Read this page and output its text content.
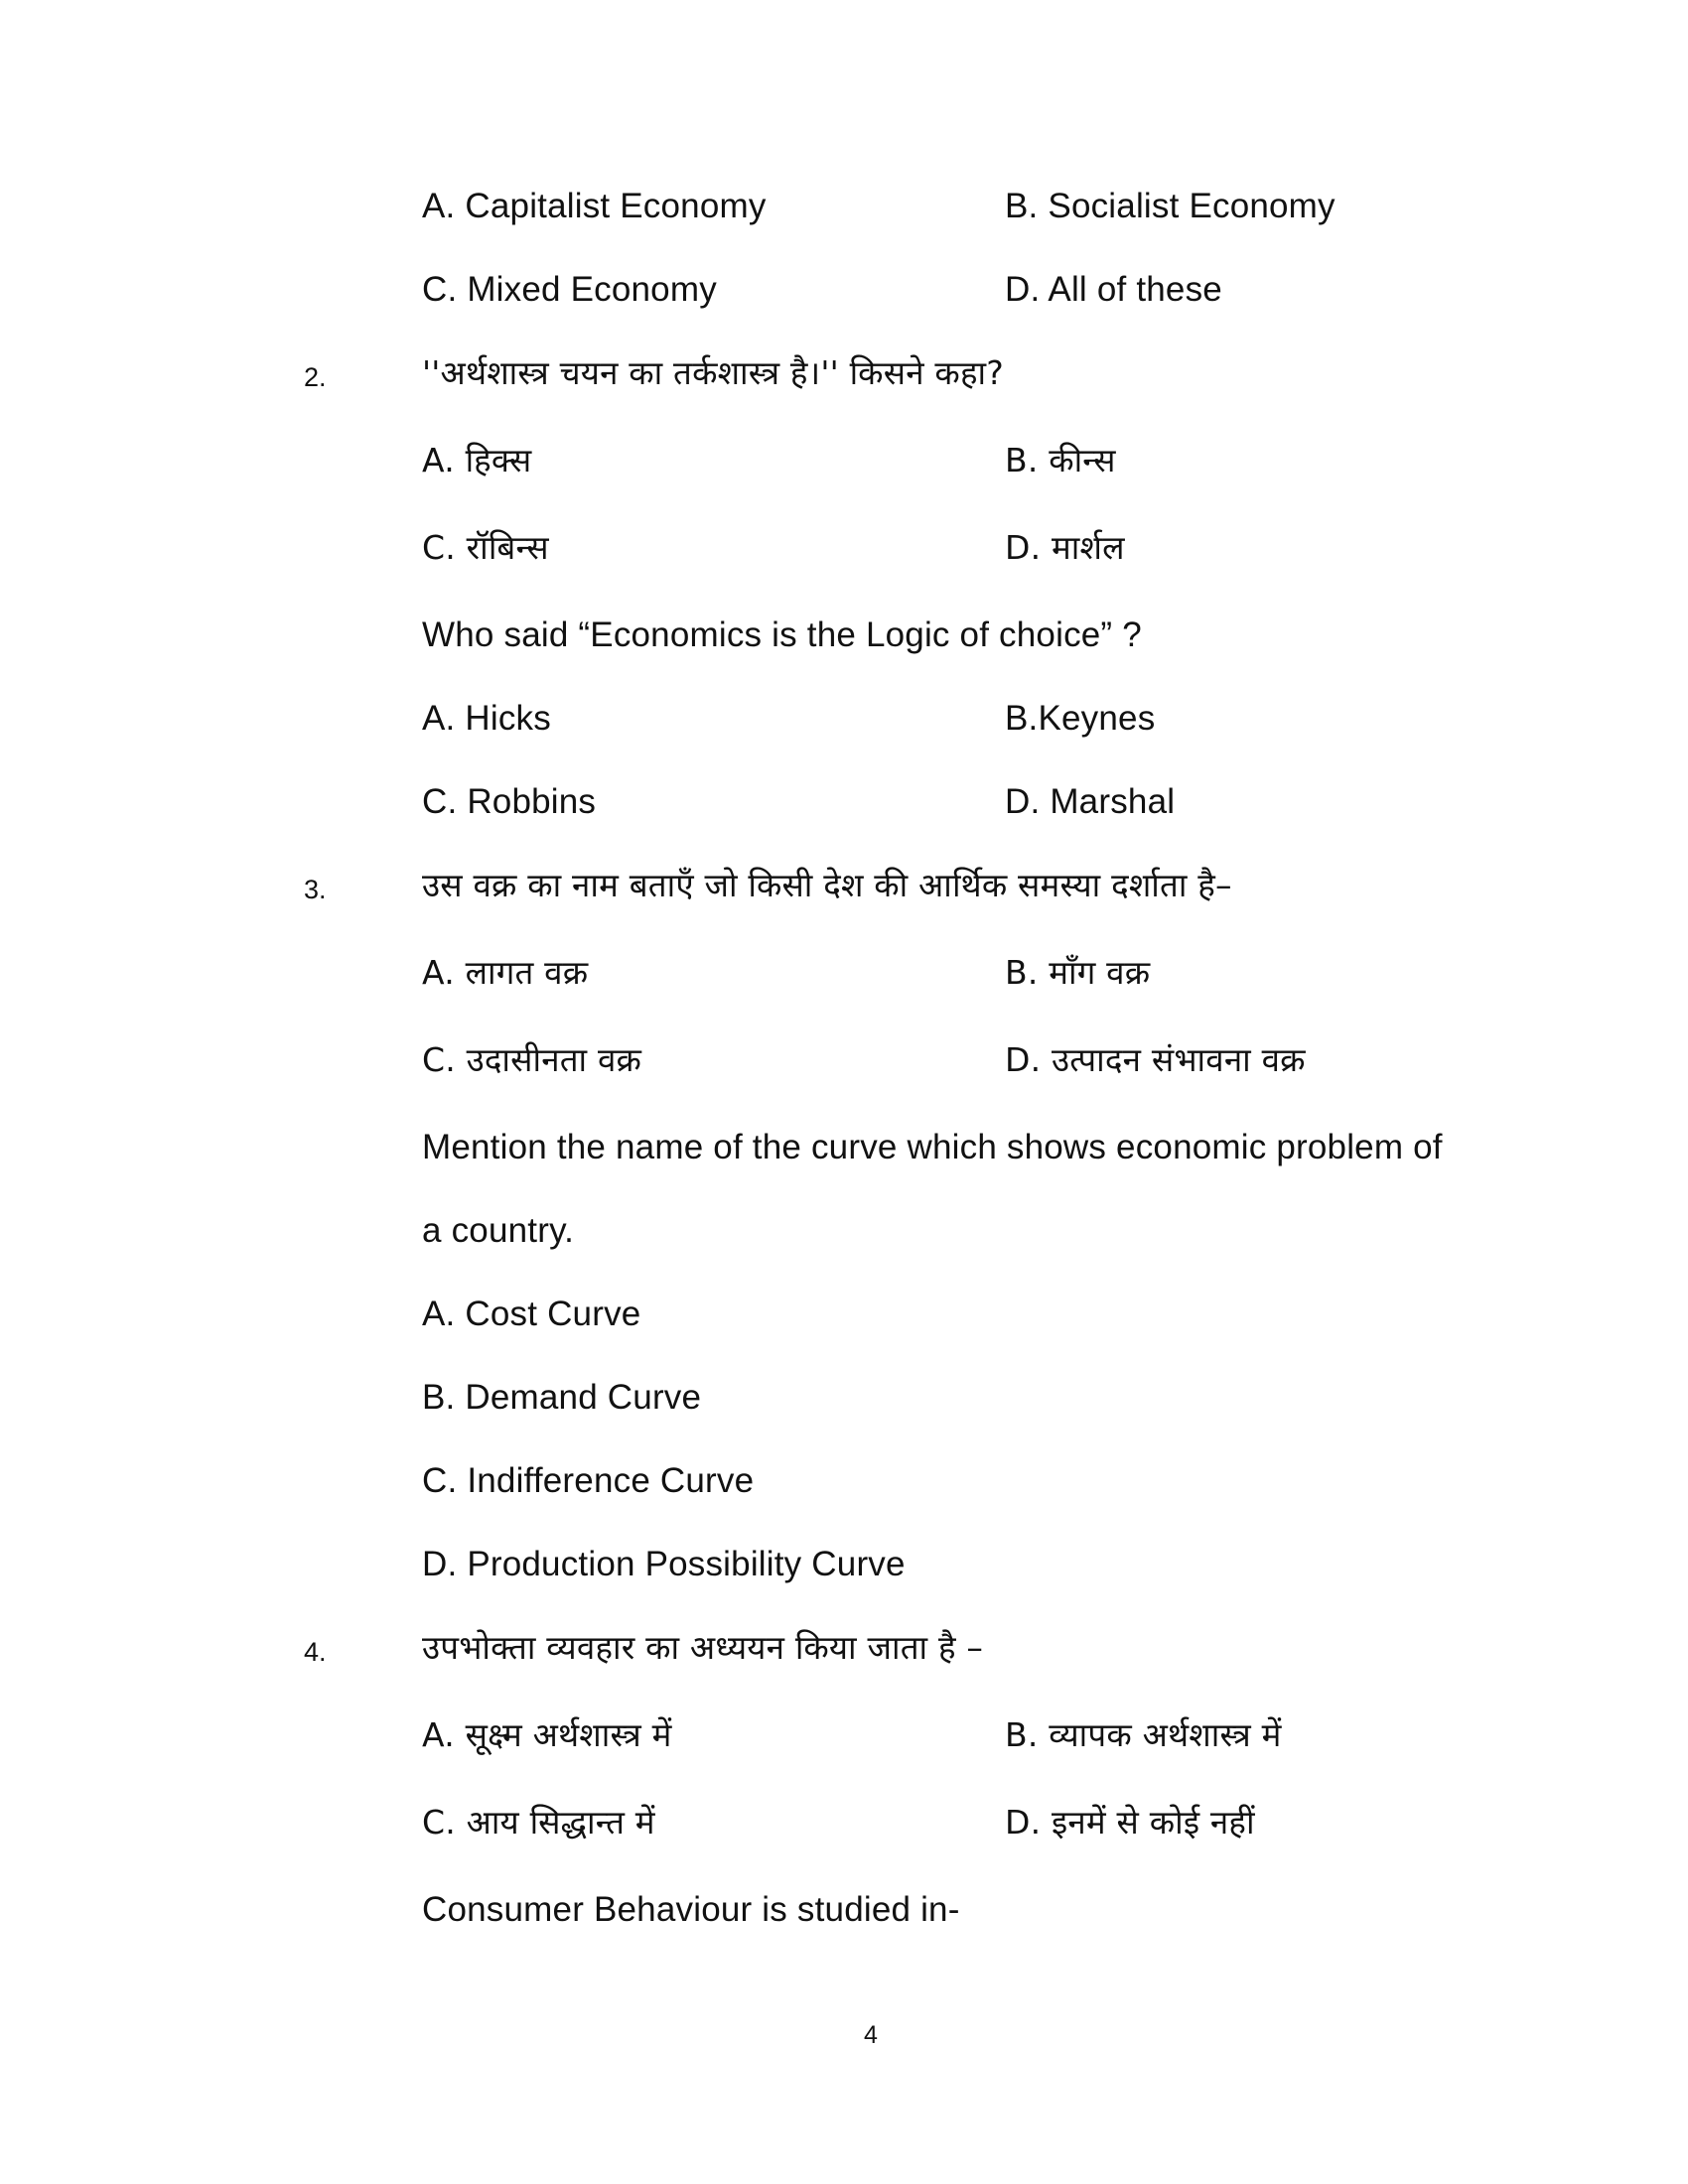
A. Capitalist Economy	B. Socialist Economy
C. Mixed Economy	D. All of these
2.	''अर्थशास्त्र चयन का तर्कशास्त्र है।'' किसने कहा?
A. हिक्स	B. कीन्स
C. रॉबिन्स	D. मार्शल
Who said “Economics is the Logic of choice” ?
A. Hicks	B.Keynes
C. Robbins	D. Marshal
3.	उस वक्र का नाम बताएँ जो किसी देश की आर्थिक समस्या दर्शाता है–
A. लागत वक्र	B. माँग वक्र
C. उदासीनता वक्र	D. उत्पादन संभावना वक्र
Mention the name of the curve which shows economic problem of
a country.
A. Cost Curve
B. Demand Curve
C. Indifference Curve
D. Production Possibility Curve
4.	उपभोक्ता व्यवहार का अध्ययन किया जाता है –
A. सूक्ष्म अर्थशास्त्र में	B. व्यापक अर्थशास्त्र में
C. आय सिद्धान्त में	D. इनमें से कोई नहीं
Consumer Behaviour is studied in-
4
